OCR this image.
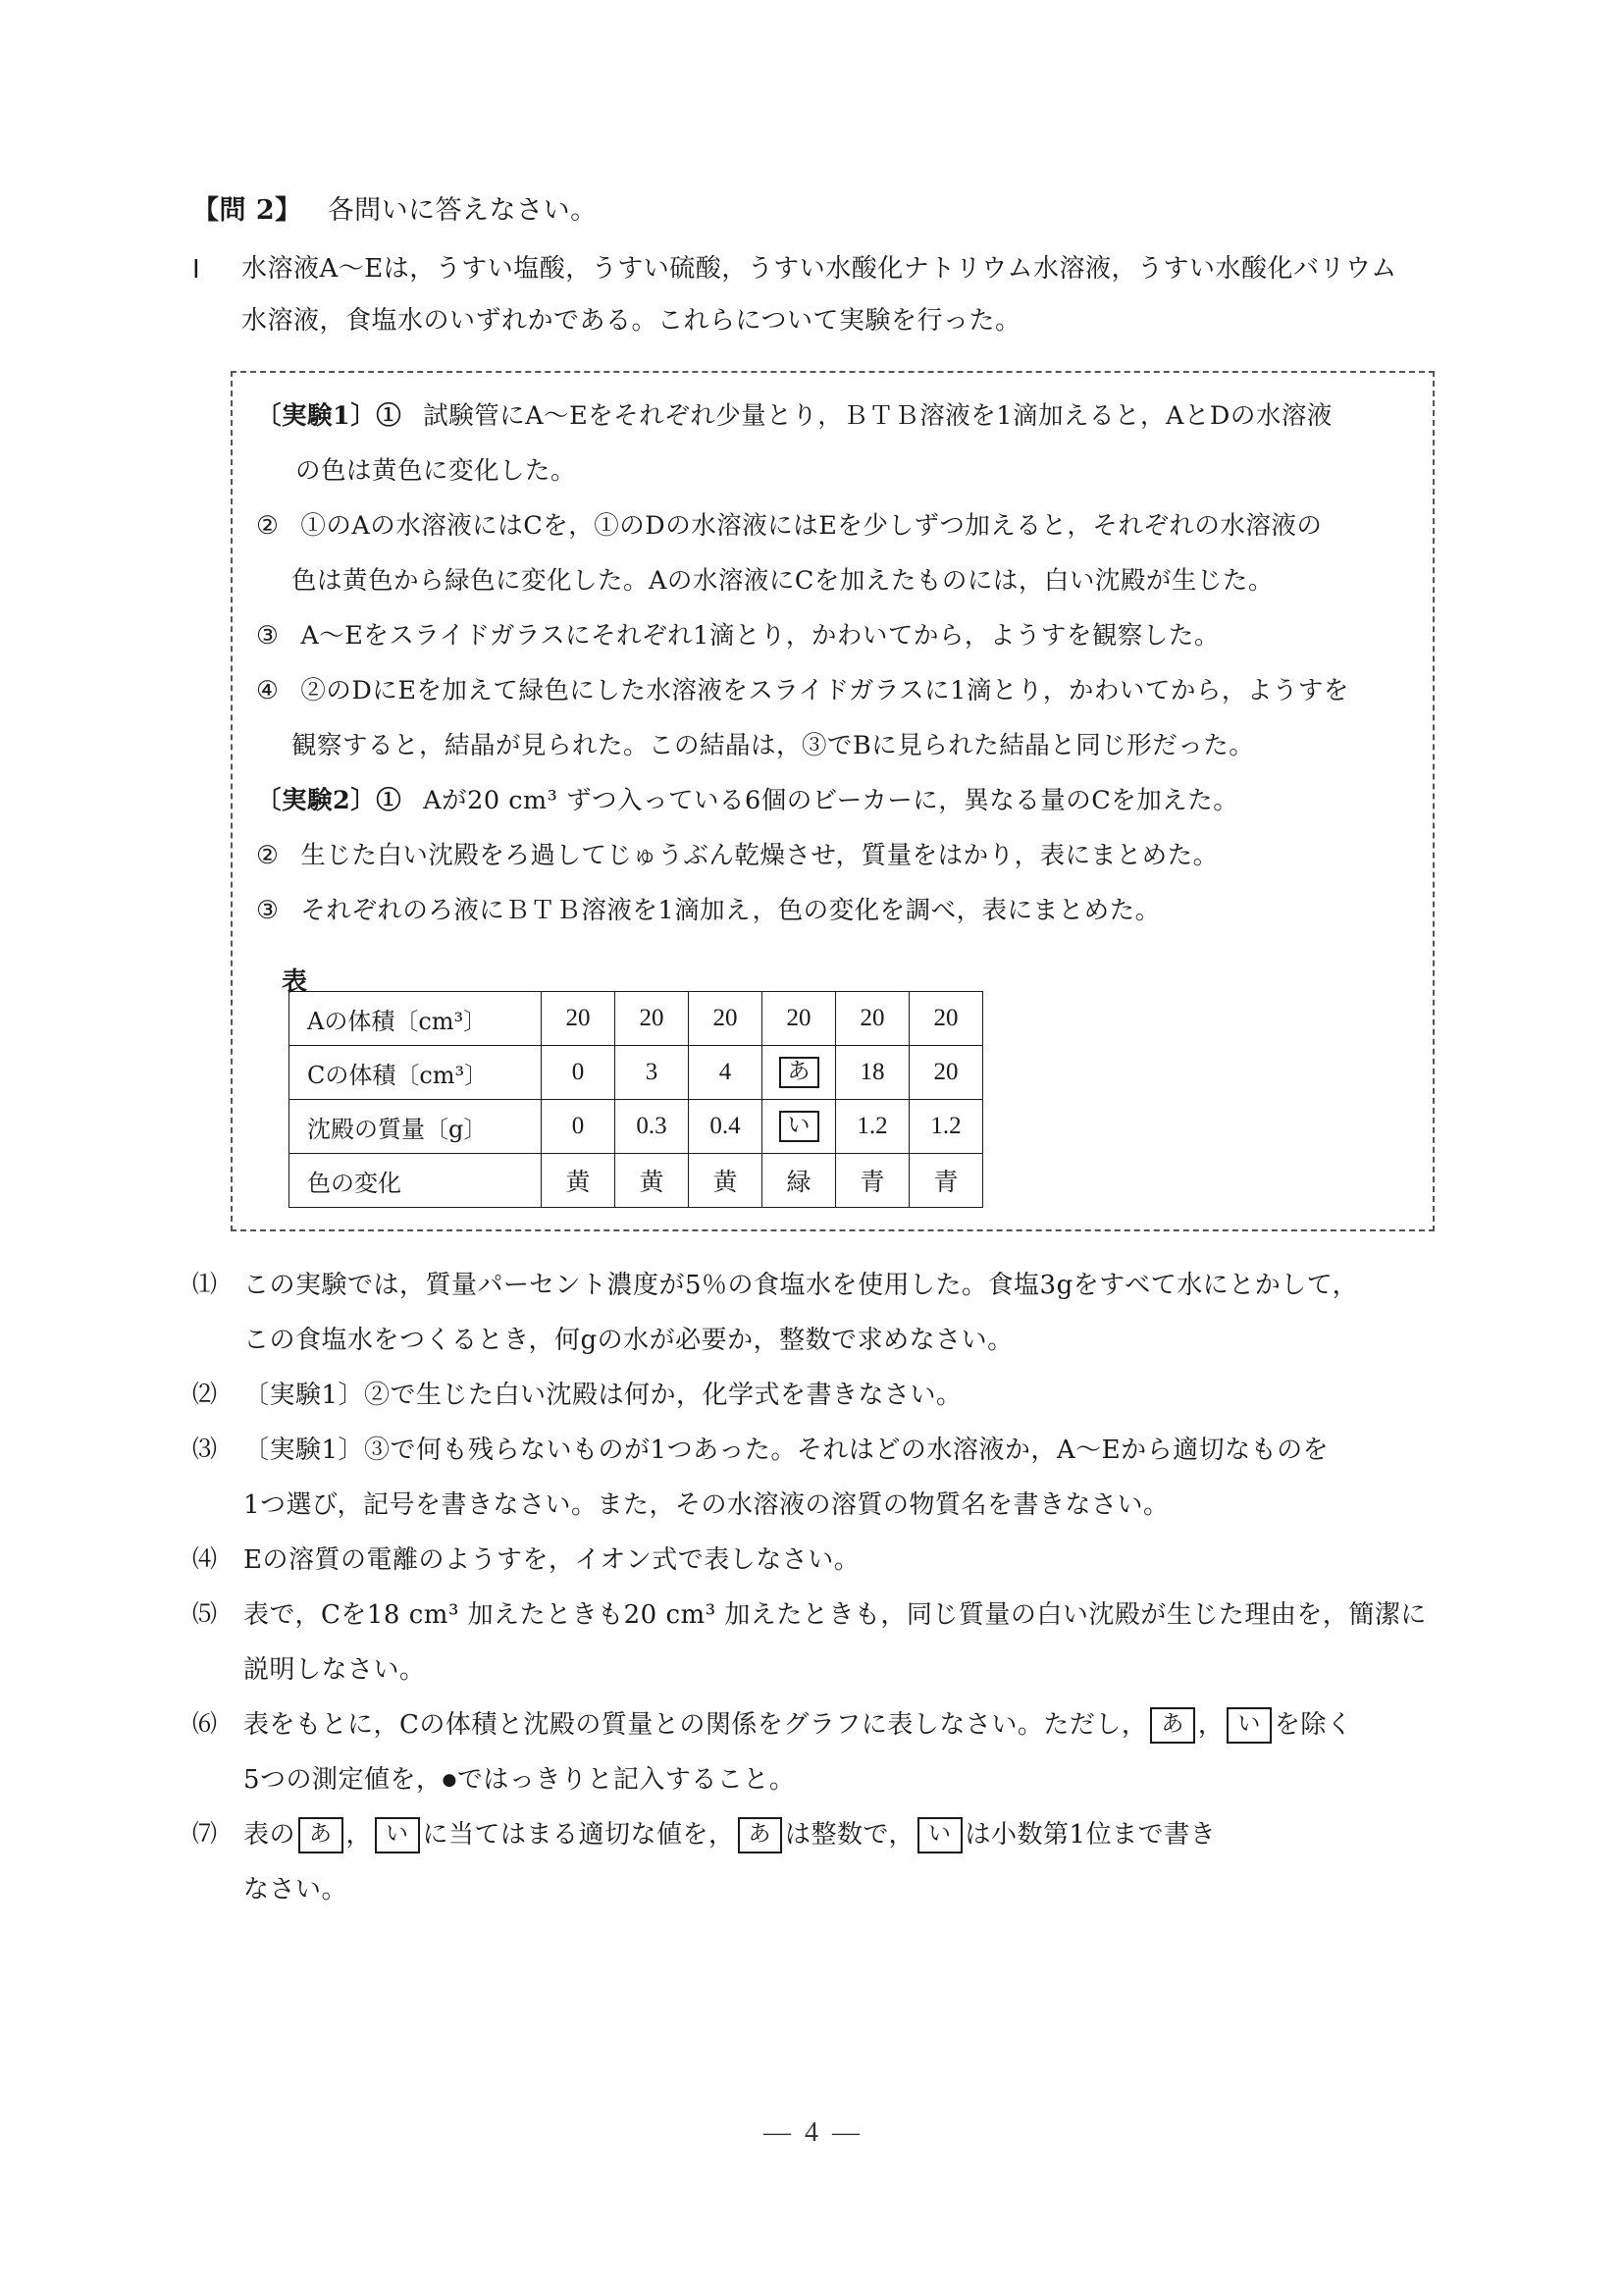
【問 2】 各問いに答えなさい。
Ⅰ 水溶液A〜Eは，うすい塩酸，うすい硫酸，うすい水酸化ナトリウム水溶液，うすい水酸化バリウム
水溶液，食塩水のいずれかである。これらについて実験を行った。
〔実験1〕① 試験管にA〜Eをそれぞれ少量とり，ＢＴＢ溶液を1滴加えると，AとDの水溶液
の色は黄色に変化した。
② ①のAの水溶液にはCを，①のDの水溶液にはEを少しずつ加えると，それぞれの水溶液の
色は黄色から緑色に変化した。Aの水溶液にCを加えたものには，白い沈殿が生じた。
③ A〜Eをスライドガラスにそれぞれ1滴とり，かわいてから，ようすを観察した。
④ ②のDにEを加えて緑色にした水溶液をスライドガラスに1滴とり，かわいてから，ようすを
観察すると，結晶が見られた。この結晶は，③でBに見られた結晶と同じ形だった。
〔実験2〕① Aが20 cm³ ずつ入っている6個のビーカーに，異なる量のCを加えた。
② 生じた白い沈殿をろ過してじゅうぶん乾燥させ，質量をはかり，表にまとめた。
③ それぞれのろ液にＢＴＢ溶液を1滴加え，色の変化を調べ，表にまとめた。
表
Aの体積〔cm³〕	20	20	20	20	20	20
Cの体積〔cm³〕	0	3	4	あ	18	20
沈殿の質量〔g〕	0	0.3	0.4	い	1.2	1.2
色の変化	黄	黄	黄	緑	青	青
⑴	この実験では，質量パーセント濃度が5％の食塩水を使用した。食塩3gをすべて水にとかして，
この食塩水をつくるとき，何gの水が必要か，整数で求めなさい。
⑵	〔実験1〕②で生じた白い沈殿は何か，化学式を書きなさい。
⑶	〔実験1〕③で何も残らないものが1つあった。それはどの水溶液か，A〜Eから適切なものを
1つ選び，記号を書きなさい。また，その水溶液の溶質の物質名を書きなさい。
⑷	Eの溶質の電離のようすを，イオン式で表しなさい。
⑸	表で，Cを18 cm³ 加えたときも20 cm³ 加えたときも，同じ質量の白い沈殿が生じた理由を，簡潔に
説明しなさい。
⑹	表をもとに，Cの体積と沈殿の質量との関係をグラフに表しなさい。ただし， あ ， い を除く
5つの測定値を，●ではっきりと記入すること。
⑺	表の あ ， い に当てはまる適切な値を， あ は整数で， い は小数第1位まで書き
なさい。
— 4 —
